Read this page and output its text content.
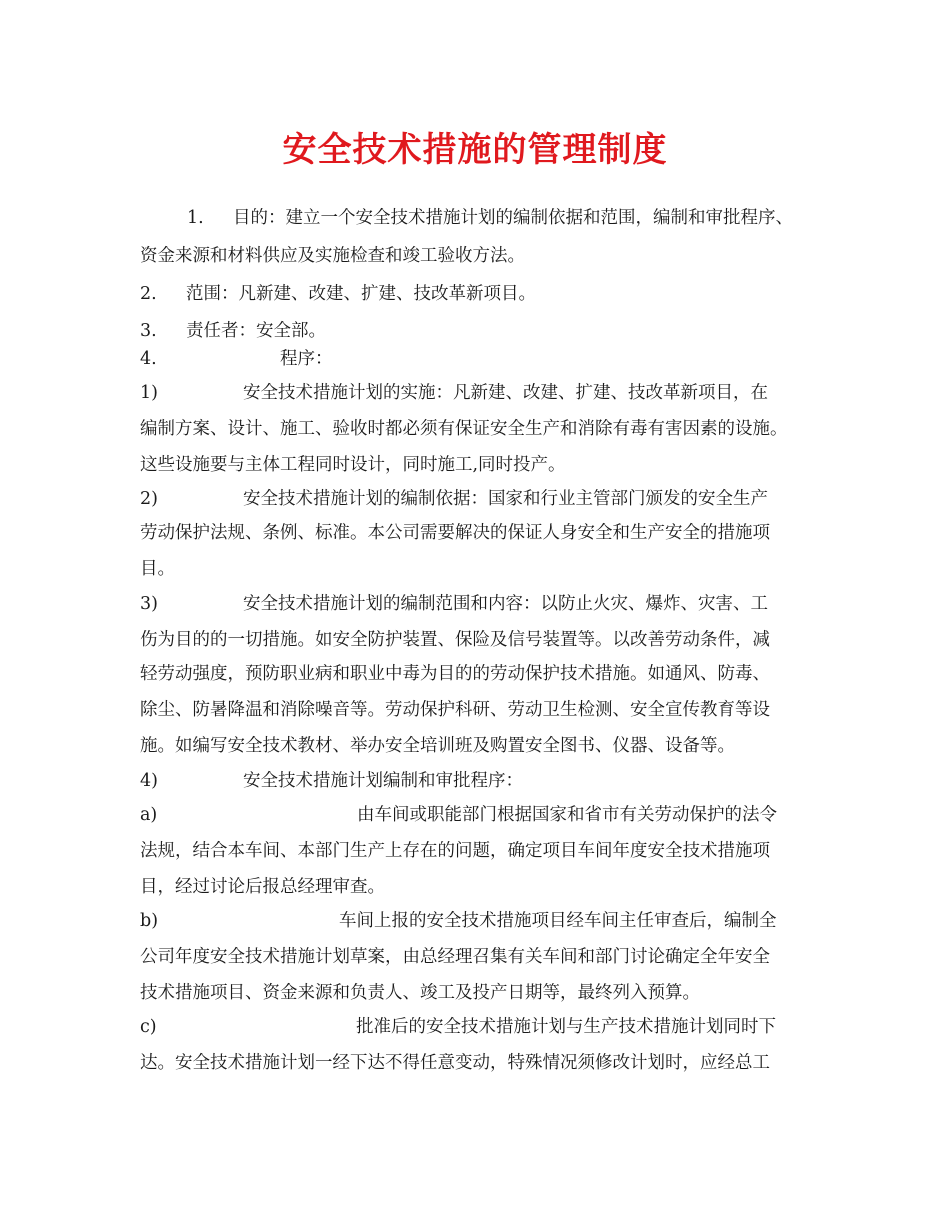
安全技术措施的管理制度
1. 目的：建立一个安全技术措施计划的编制依据和范围，编制和审批程序、
资金来源和材料供应及实施检查和竣工验收方法。
2. 范围：凡新建、改建、扩建、技改革新项目。
3. 责任者：安全部。
4.	程序：
1)	安全技术措施计划的实施：凡新建、改建、扩建、技改革新项目，在
编制方案、设计、施工、验收时都必须有保证安全生产和消除有毒有害因素的设施。
这些设施要与主体工程同时设计，同时施工,同时投产。
2)	安全技术措施计划的编制依据：国家和行业主管部门颁发的安全生产
劳动保护法规、条例、标准。本公司需要解决的保证人身安全和生产安全的措施项
目。
3)	安全技术措施计划的编制范围和内容：以防止火灾、爆炸、灾害、工
伤为目的的一切措施。如安全防护装置、保险及信号装置等。以改善劳动条件，减
轻劳动强度，预防职业病和职业中毒为目的的劳动保护技术措施。如通风、防毒、
除尘、防暑降温和消除噪音等。劳动保护科研、劳动卫生检测、安全宣传教育等设
施。如编写安全技术教材、举办安全培训班及购置安全图书、仪器、设备等。
4)	安全技术措施计划编制和审批程序：
a)	由车间或职能部门根据国家和省市有关劳动保护的法令
法规，结合本车间、本部门生产上存在的问题，确定项目车间年度安全技术措施项
目，经过讨论后报总经理审查。
b)	车间上报的安全技术措施项目经车间主任审查后，编制全
公司年度安全技术措施计划草案，由总经理召集有关车间和部门讨论确定全年安全
技术措施项目、资金来源和负责人、竣工及投产日期等，最终列入预算。
c)	批准后的安全技术措施计划与生产技术措施计划同时下
达。安全技术措施计划一经下达不得任意变动，特殊情况须修改计划时，应经总工
